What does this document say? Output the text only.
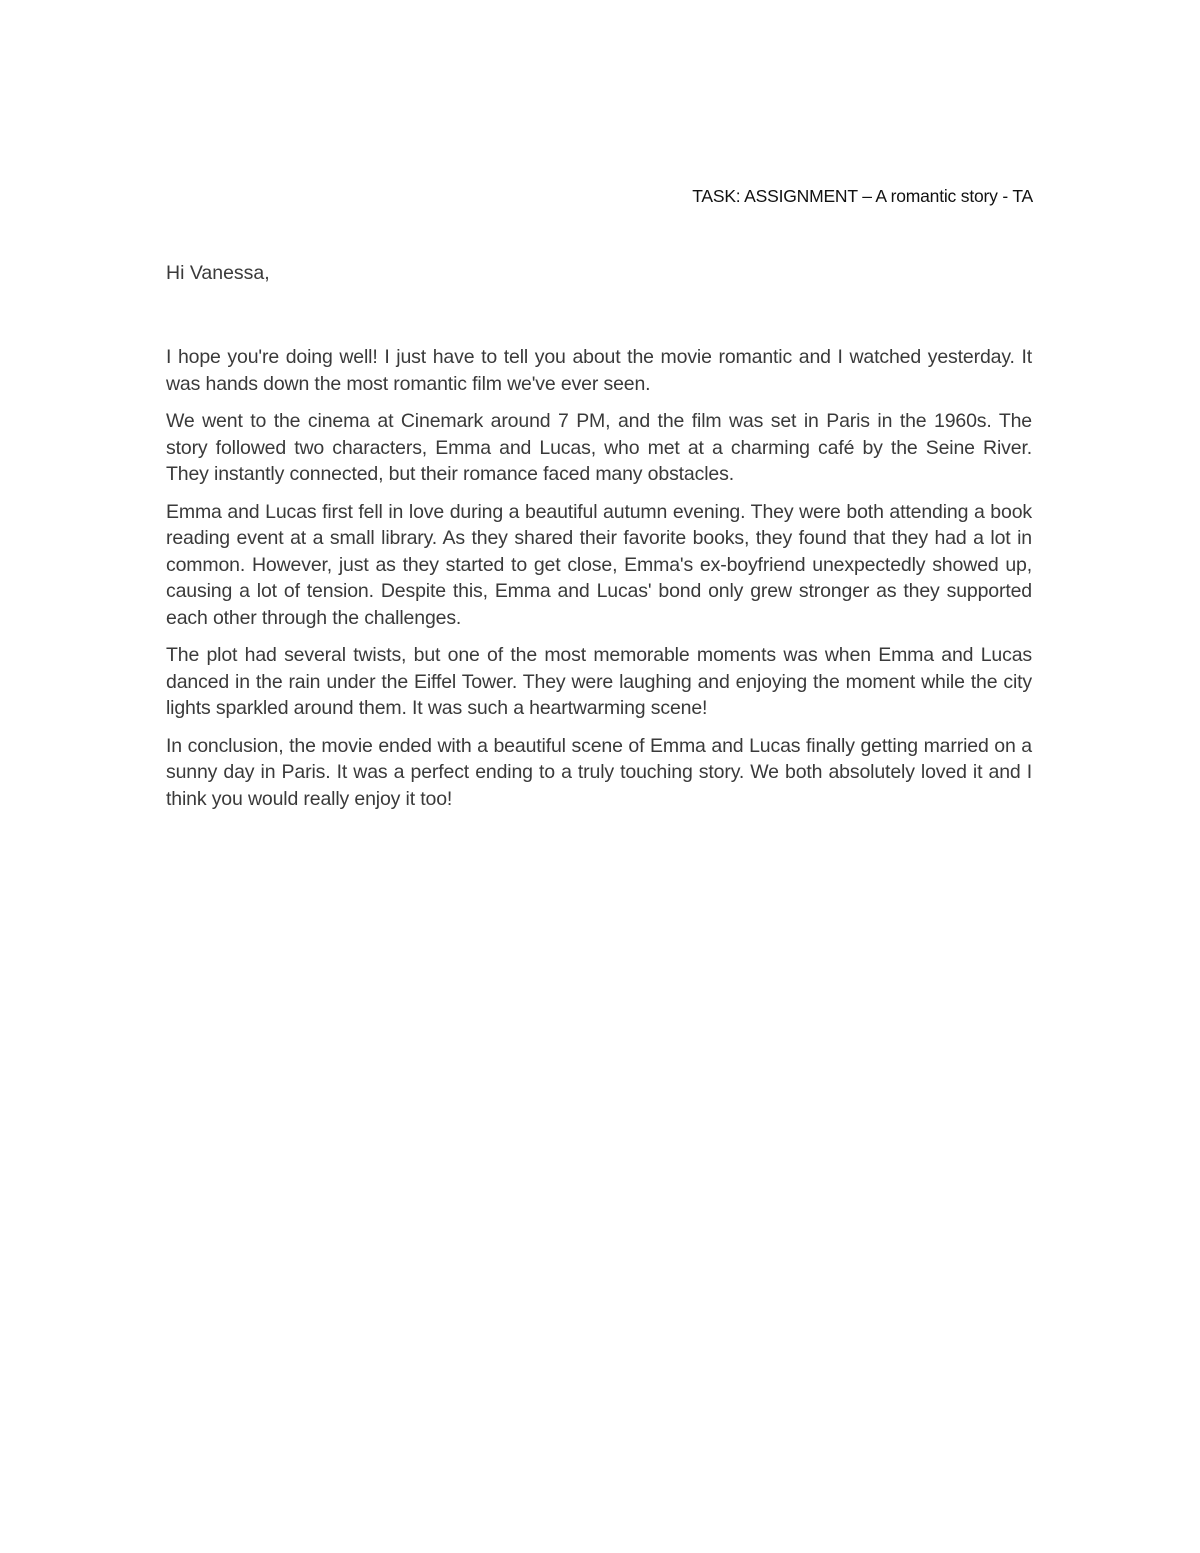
TASK: ASSIGNMENT – A romantic story - TA

Hi Vanessa,

I hope you're doing well! I just have to tell you about the movie romantic and I watched yesterday. It was hands down the most romantic film we've ever seen.

We went to the cinema at Cinemark around 7 PM, and the film was set in Paris in the 1960s. The story followed two characters, Emma and Lucas, who met at a charming café by the Seine River. They instantly connected, but their romance faced many obstacles.

Emma and Lucas first fell in love during a beautiful autumn evening. They were both attending a book reading event at a small library. As they shared their favorite books, they found that they had a lot in common. However, just as they started to get close, Emma's ex-boyfriend unexpectedly showed up, causing a lot of tension. Despite this, Emma and Lucas' bond only grew stronger as they supported each other through the challenges.

The plot had several twists, but one of the most memorable moments was when Emma and Lucas danced in the rain under the Eiffel Tower. They were laughing and enjoying the moment while the city lights sparkled around them. It was such a heartwarming scene!

In conclusion, the movie ended with a beautiful scene of Emma and Lucas finally getting married on a sunny day in Paris. It was a perfect ending to a truly touching story. We both absolutely loved it and I think you would really enjoy it too!
